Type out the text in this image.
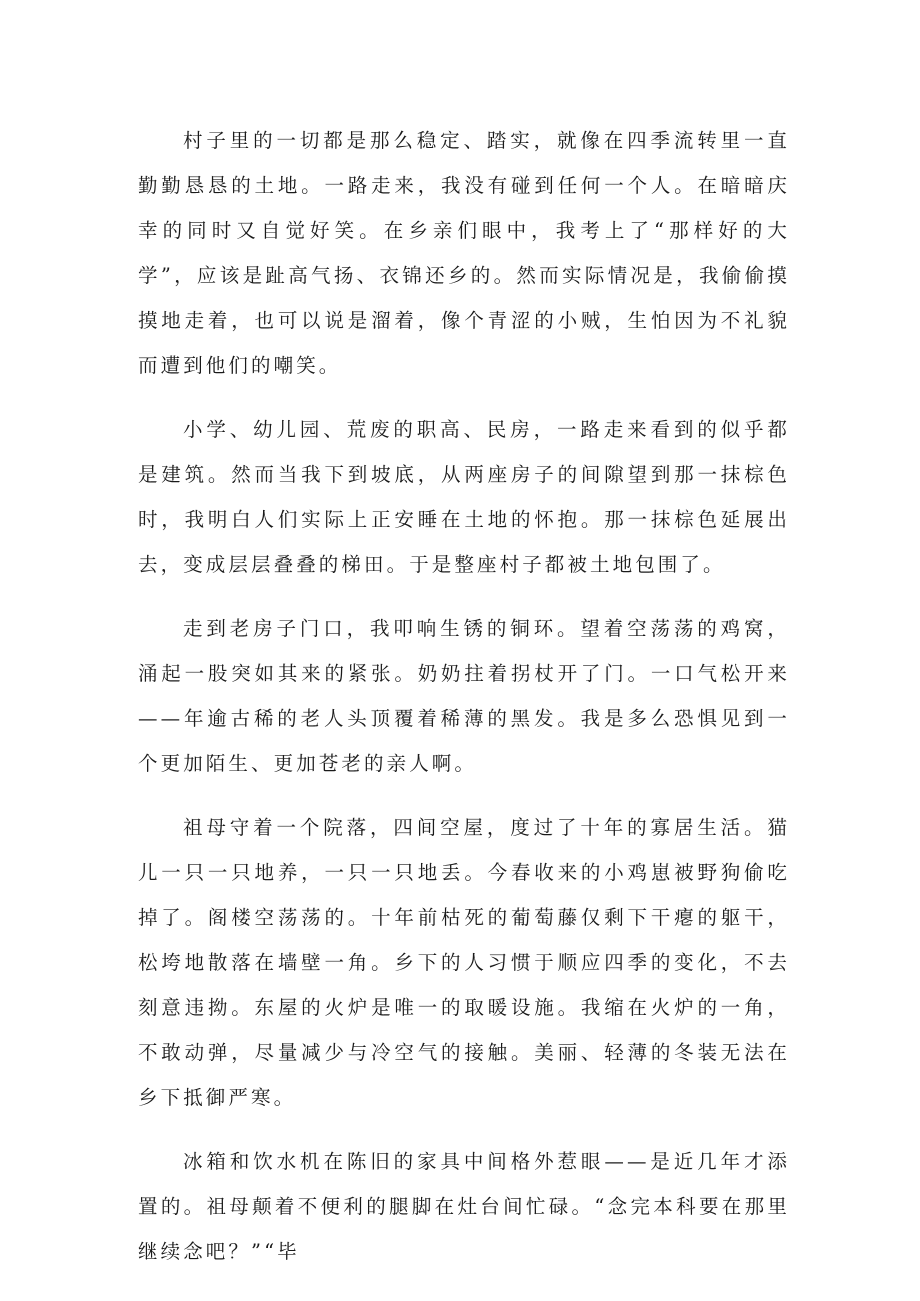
村子里的一切都是那么稳定、踏实，就像在四季流转里一直勤勤恳恳的土地。一路走来，我没有碰到任何一个人。在暗暗庆幸的同时又自觉好笑。在乡亲们眼中，我考上了“那样好的大学”，应该是趾高气扬、衣锦还乡的。然而实际情况是，我偷偷摸摸地走着，也可以说是溜着，像个青涩的小贼，生怕因为不礼貌而遭到他们的嘲笑。

小学、幼儿园、荒废的职高、民房，一路走来看到的似乎都是建筑。然而当我下到坡底，从两座房子的间隙望到那一抹棕色时，我明白人们实际上正安睡在土地的怀抱。那一抹棕色延展出去，变成层层叠叠的梯田。于是整座村子都被土地包围了。

走到老房子门口，我叩响生锈的铜环。望着空荡荡的鸡窝，涌起一股突如其来的紧张。奶奶拄着拐杖开了门。一口气松开来——年逾古稀的老人头顶覆着稀薄的黑发。我是多么恐惧见到一个更加陌生、更加苍老的亲人啊。

祖母守着一个院落，四间空屋，度过了十年的寡居生活。猫儿一只一只地养，一只一只地丢。今春收来的小鸡崽被野狗偷吃掉了。阁楼空荡荡的。十年前枯死的葡萄藤仅剩下干瘪的躯干，松垮地散落在墙壁一角。乡下的人习惯于顺应四季的变化，不去刻意违拗。东屋的火炉是唯一的取暖设施。我缩在火炉的一角，不敢动弹，尽量减少与冷空气的接触。美丽、轻薄的冬装无法在乡下抵御严寒。

冰箱和饮水机在陈旧的家具中间格外惹眼——是近几年才添置的。祖母颠着不便利的腿脚在灶台间忙碌。“念完本科要在那里继续念吧？”“毕
